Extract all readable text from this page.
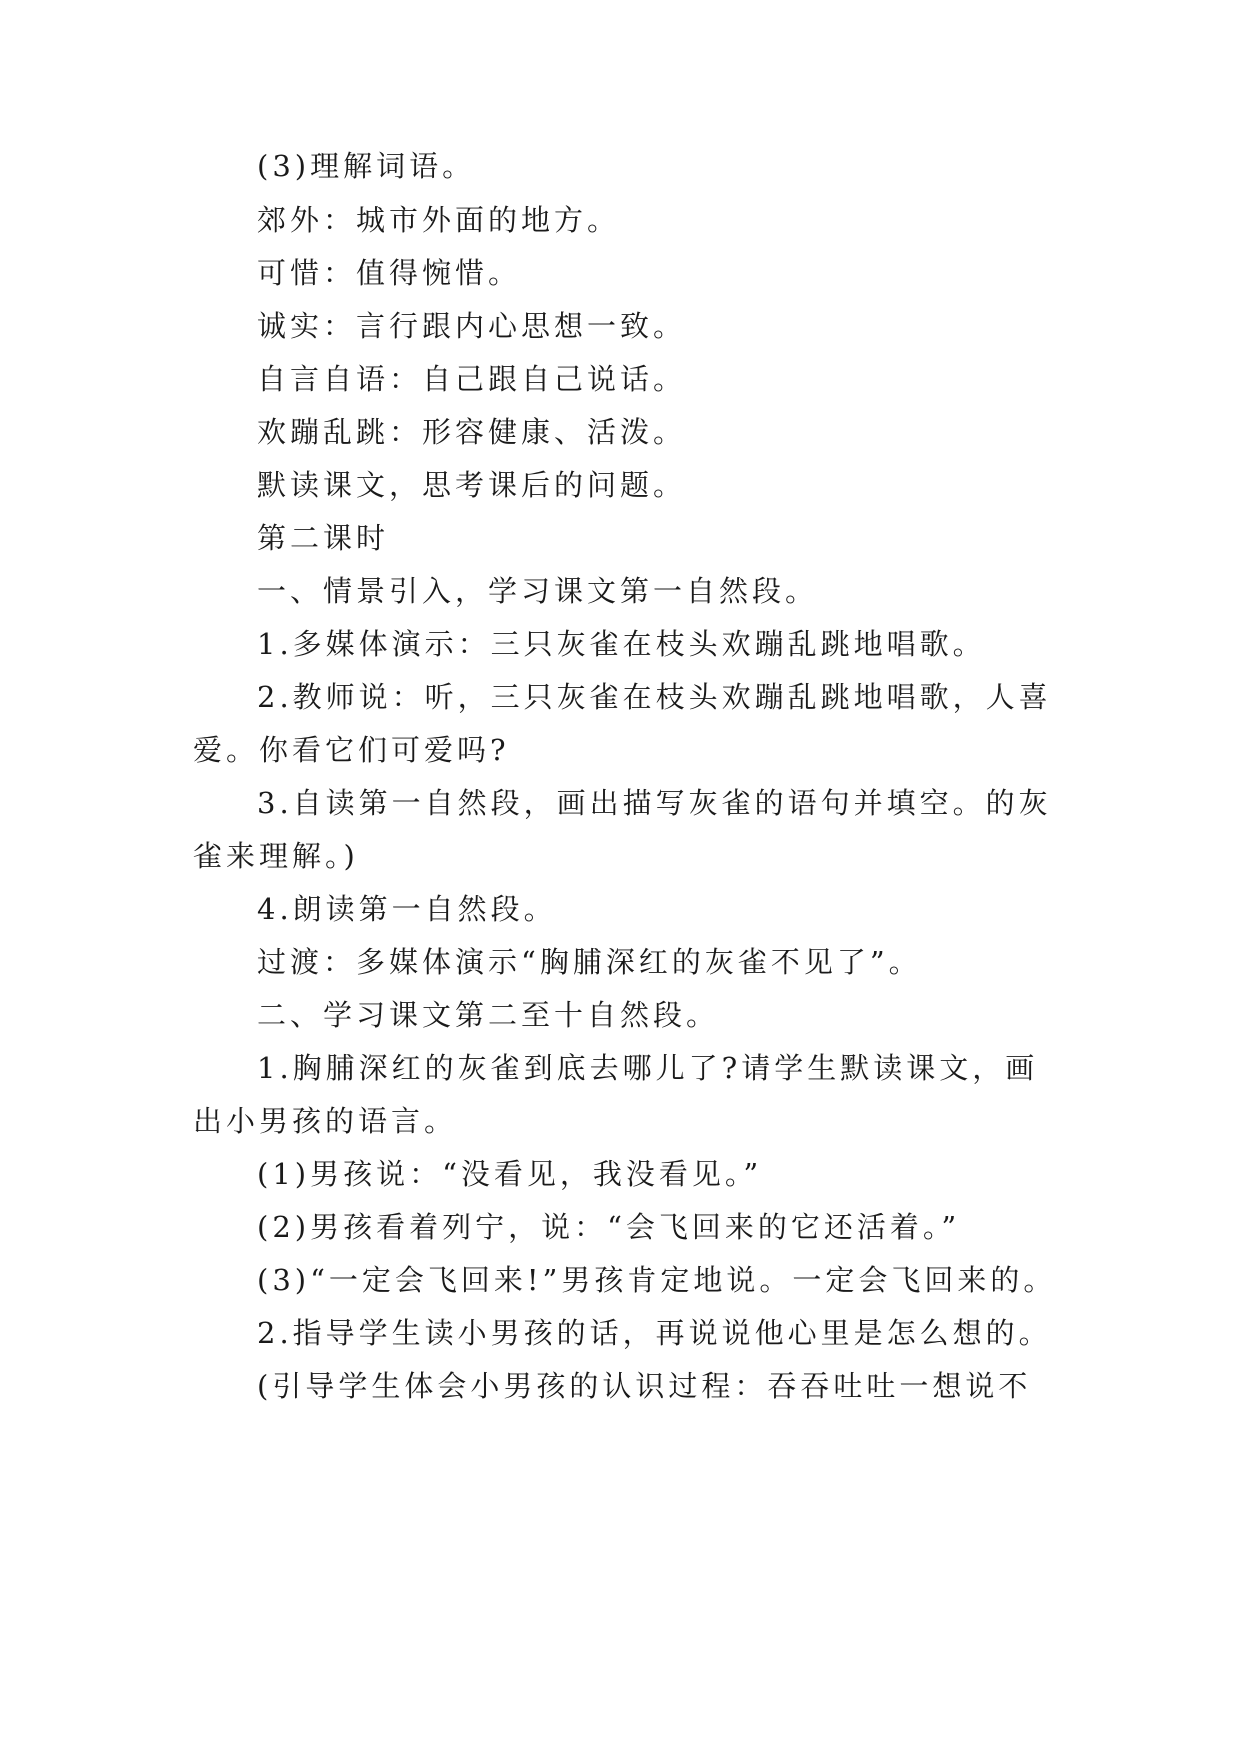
(3)理解词语。
郊外：城市外面的地方。
可惜：值得惋惜。
诚实：言行跟内心思想一致。
自言自语：自己跟自己说话。
欢蹦乱跳：形容健康、活泼。
默读课文，思考课后的问题。
第二课时
一、情景引入，学习课文第一自然段。
1.多媒体演示：三只灰雀在枝头欢蹦乱跳地唱歌。
2.教师说：听，三只灰雀在枝头欢蹦乱跳地唱歌，人喜
爱。你看它们可爱吗?
3.自读第一自然段，画出描写灰雀的语句并填空。的灰
雀来理解。)
4.朗读第一自然段。
过渡：多媒体演示“胸脯深红的灰雀不见了”。
二、学习课文第二至十自然段。
1.胸脯深红的灰雀到底去哪儿了?请学生默读课文，画
出小男孩的语言。
(1)男孩说：“没看见，我没看见。”
(2)男孩看着列宁，说：“会飞回来的它还活着。”
(3)“一定会飞回来!”男孩肯定地说。一定会飞回来的。
2.指导学生读小男孩的话，再说说他心里是怎么想的。
(引导学生体会小男孩的认识过程：吞吞吐吐一想说不
